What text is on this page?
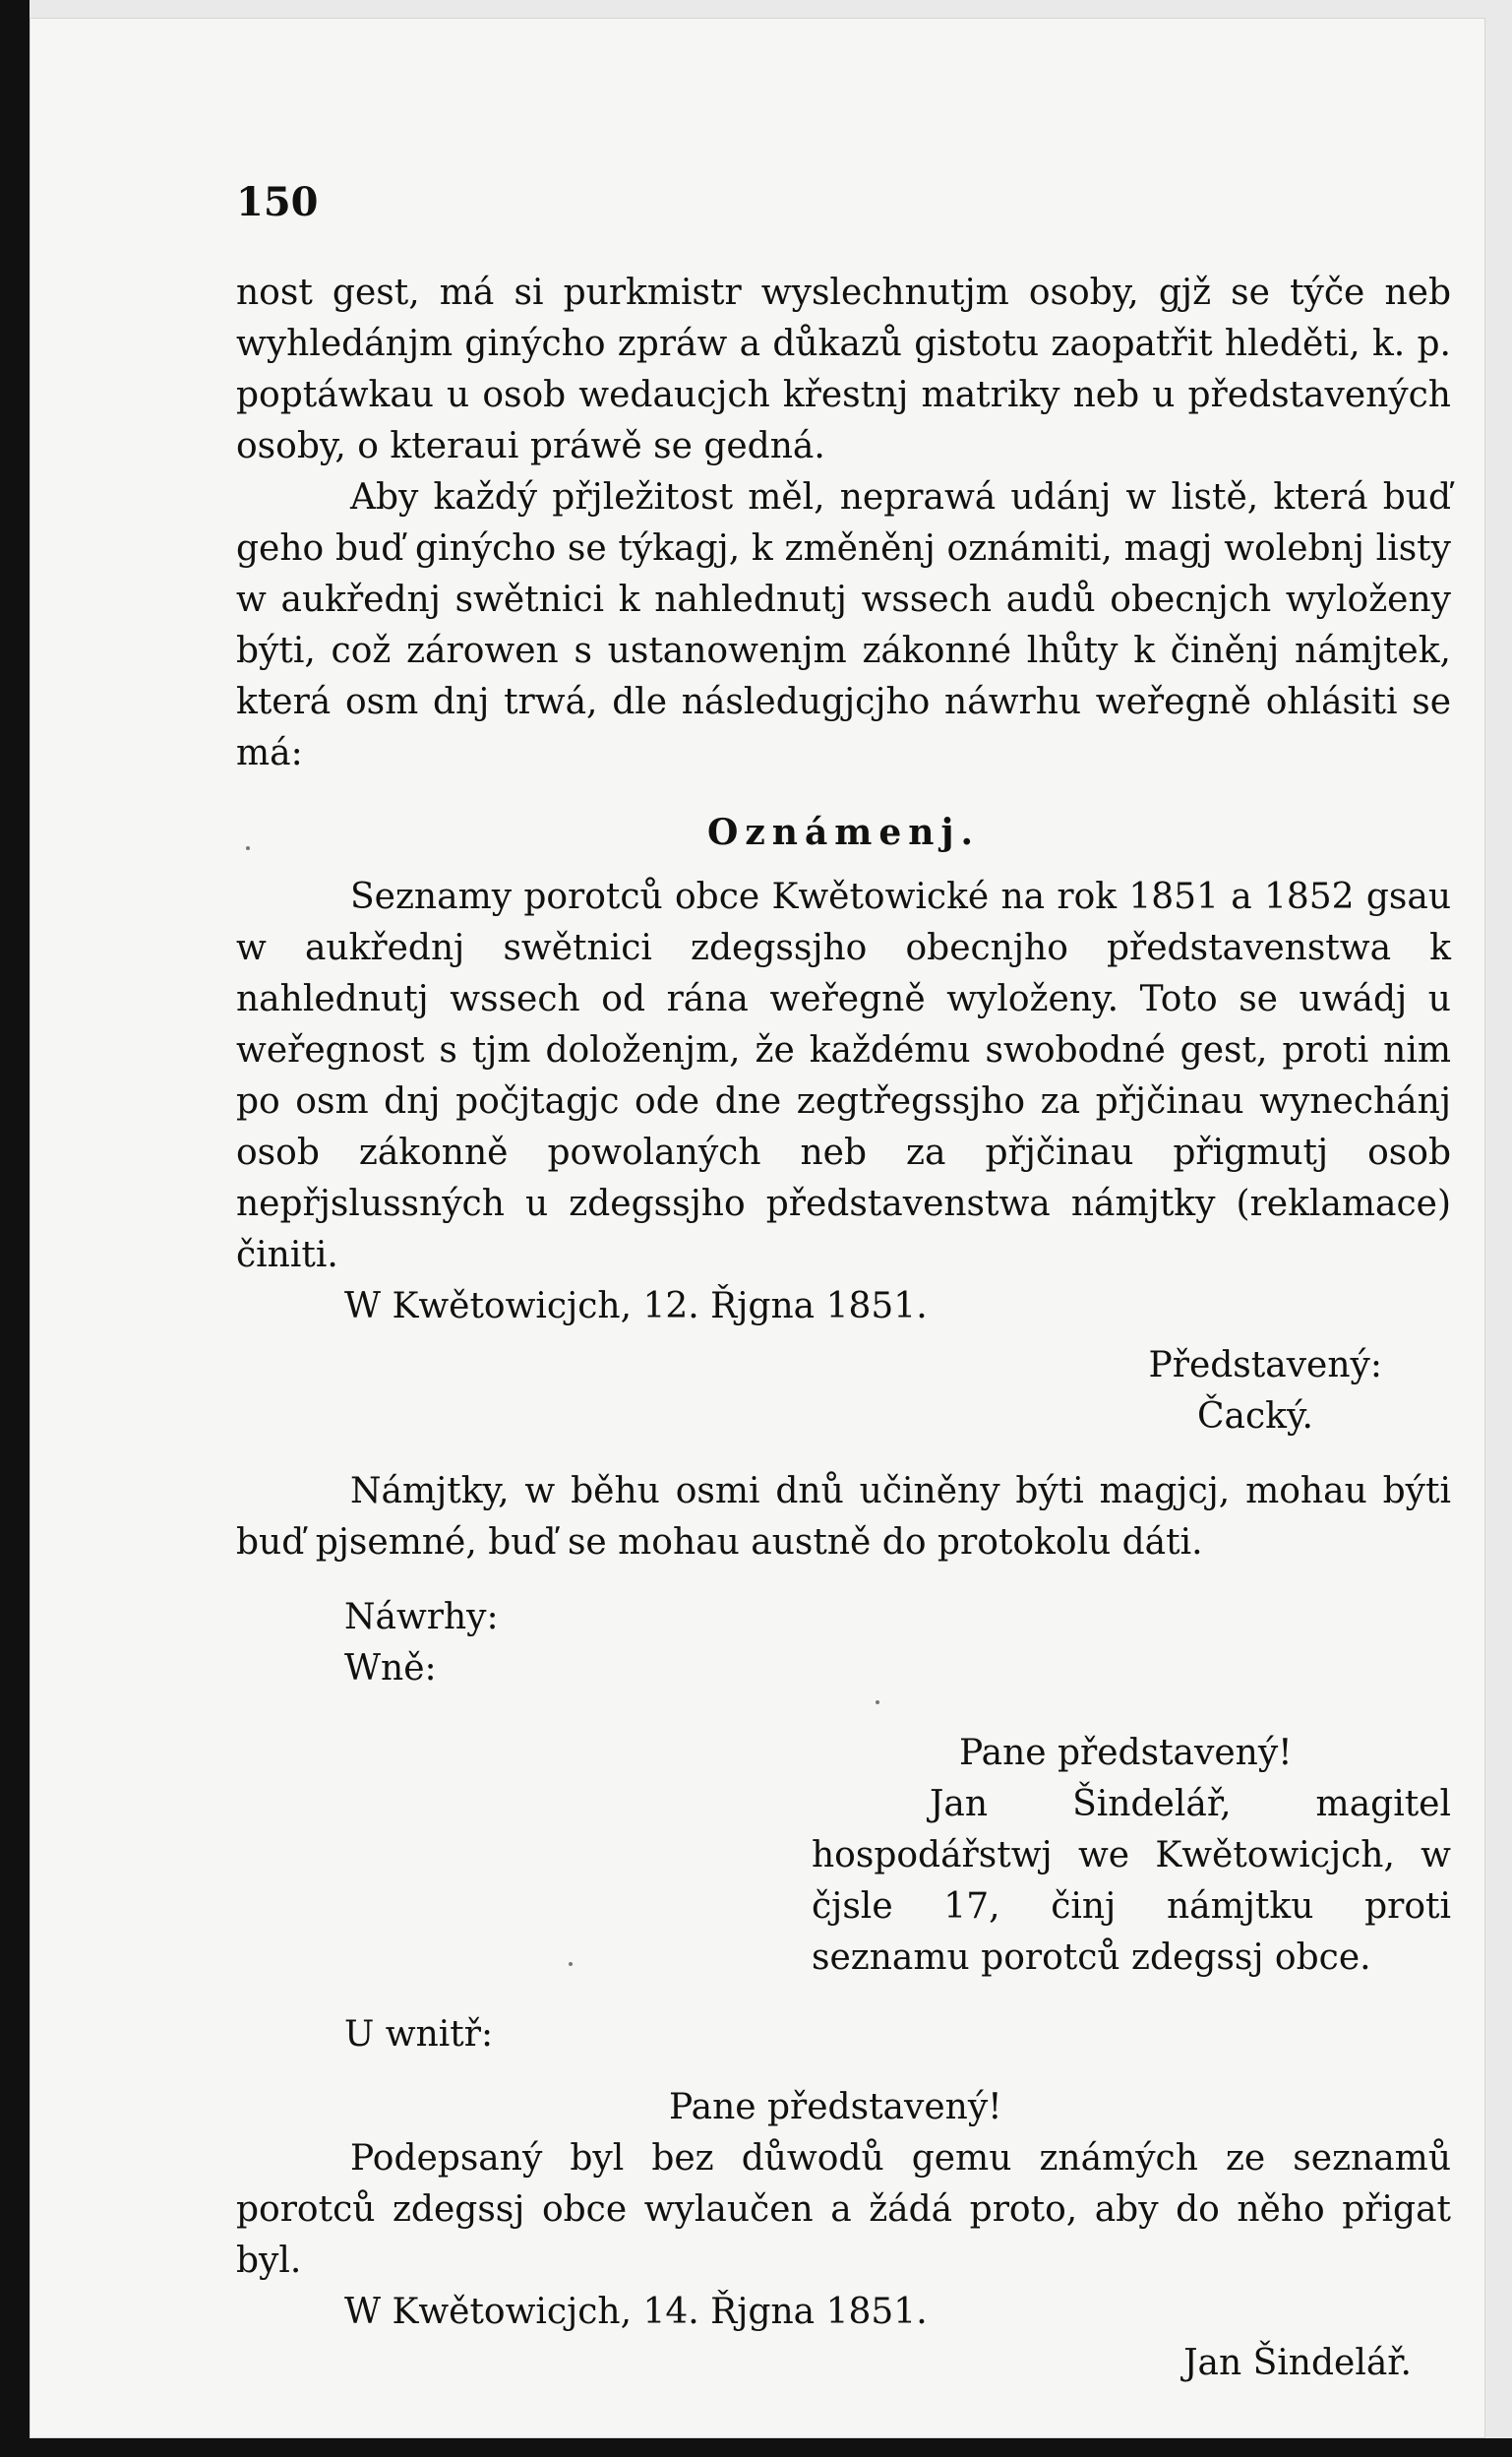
150

nost gest, má si purkmistr wyslechnutjm osoby, gjž se týče neb wyhledánjm ginýcho zpráw a důkazů gistotu zaopatřit hleděti, k. p. poptáwkau u osob wedaucjch křestnj matriky neb u představených osoby, o kteraui práwě se gedná.

Aby každý přjležitost měl, neprawá udánj w listě, která buď geho buď ginýcho se týkagj, k změněnj oznámiti, magj wolebnj listy w aukřednj swětnici k nahlednutj wssech audů obecnjch wyloženy býti, což zárowen s ustanowenjm zákonné lhůty k činěnj námjtek, která osm dnj trwá, dle následugjcjho náwrhu weřegně ohlásiti se má:

Oznámenj.

Seznamy porotců obce Kwětowické na rok 1851 a 1852 gsau w aukřednj swětnici zdegssjho obecnjho představenstwa k nahlednutj wssech od rána weřegně wyloženy. Toto se uwádj u weřegnost s tjm doloženjm, že každému swobodné gest, proti nim po osm dnj počjtagjc ode dne zegtřegssjho za přjčinau wynechánj osob zákonně powolaných neb za přjčinau přigmutj osob nepřjslussných u zdegssjho představenstwa námjtky (reklamace) činiti.

W Kwětowicjch, 12. Řjgna 1851.

Představený:

Čacký.

Námjtky, w běhu osmi dnů učiněny býti magjcj, mohau býti buď pjsemné, buď se mohau austně do protokolu dáti.

Náwrhy:

Wně:

Pane představený!

Jan Šindelář, magitel hospodářstwj we Kwětowicjch, w čjsle 17, činj námjtku proti seznamu porotců zdegssj obce.

U wnitř:

Pane představený!

Podepsaný byl bez důwodů gemu známých ze seznamů porotců zdegssj obce wylaučen a žádá proto, aby do něho přigat byl.

W Kwětowicjch, 14. Řjgna 1851.

Jan Šindelář.
